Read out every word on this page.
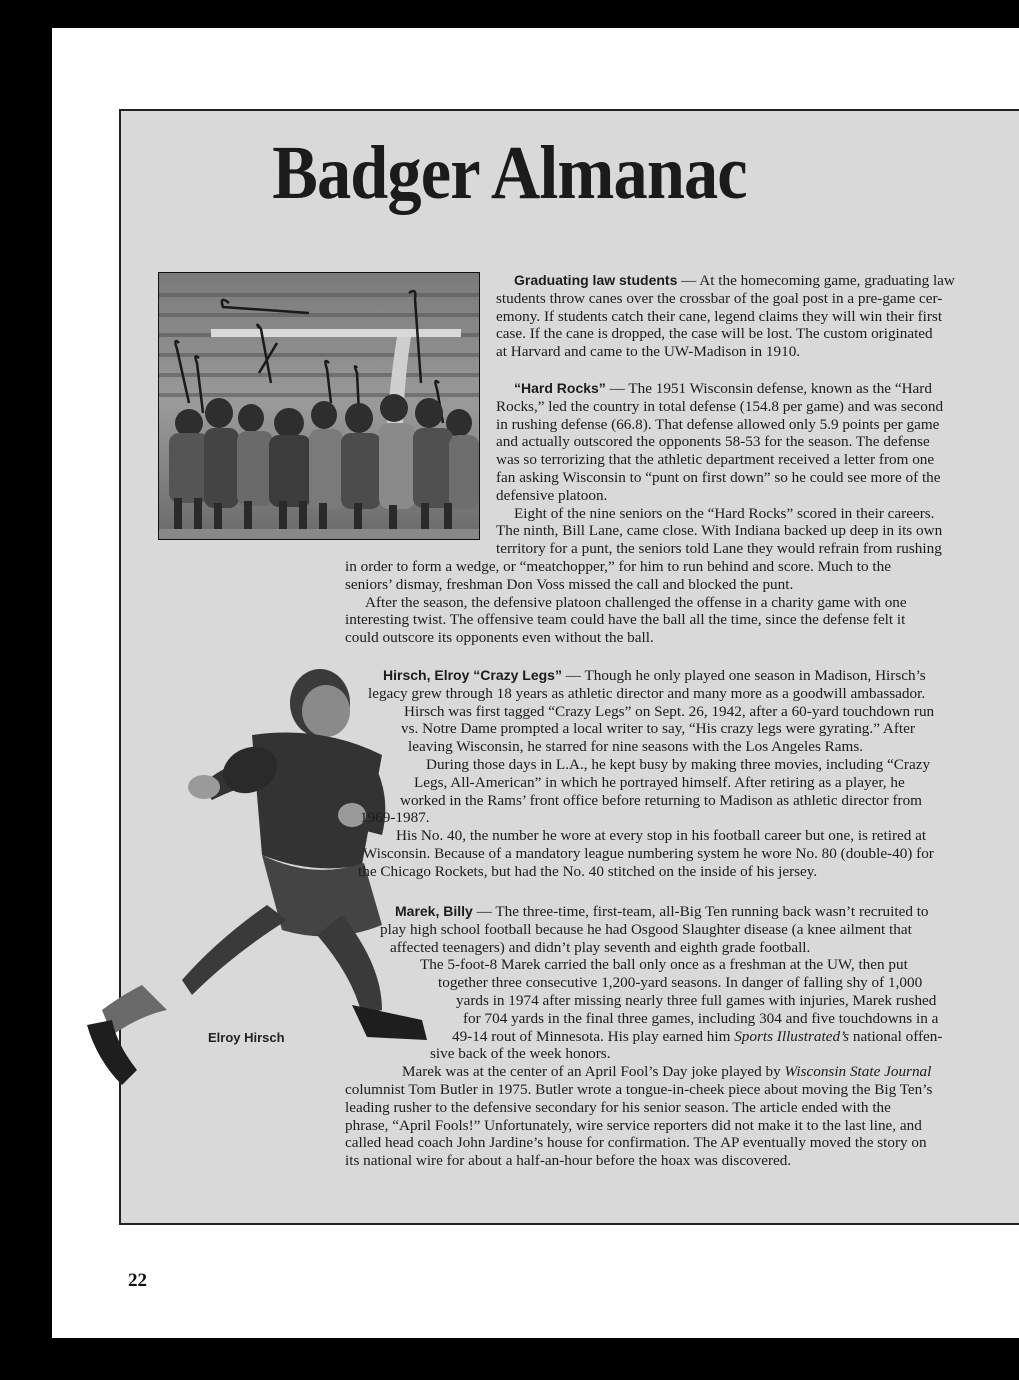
Badger Almanac

Graduating law students — At the homecoming game, graduating law
students throw canes over the crossbar of the goal post in a pre-game cer-
emony. If students catch their cane, legend claims they will win their first
case. If the cane is dropped, the case will be lost. The custom originated
at Harvard and came to the UW-Madison in 1910.

“Hard Rocks” — The 1951 Wisconsin defense, known as the “Hard
Rocks,” led the country in total defense (154.8 per game) and was second
in rushing defense (66.8). That defense allowed only 5.9 points per game
and actually outscored the opponents 58-53 for the season. The defense
was so terrorizing that the athletic department received a letter from one
fan asking Wisconsin to “punt on first down” so he could see more of the
defensive platoon.
Eight of the nine seniors on the “Hard Rocks” scored in their careers.
The ninth, Bill Lane, came close. With Indiana backed up deep in its own
territory for a punt, the seniors told Lane they would refrain from rushing

in order to form a wedge, or “meatchopper,” for him to run behind and score. Much to the
seniors’ dismay, freshman Don Voss missed the call and blocked the punt.
After the season, the defensive platoon challenged the offense in a charity game with one
interesting twist. The offensive team could have the ball all the time, since the defense felt it
could outscore its opponents even without the ball.

Elroy Hirsch

Hirsch, Elroy “Crazy Legs” — Though he only played one season in Madison, Hirsch’s
legacy grew through 18 years as athletic director and many more as a goodwill ambassador.
Hirsch was first tagged “Crazy Legs” on Sept. 26, 1942, after a 60-yard touchdown run
vs. Notre Dame prompted a local writer to say, “His crazy legs were gyrating.” After
leaving Wisconsin, he starred for nine seasons with the Los Angeles Rams.
During those days in L.A., he kept busy by making three movies, including “Crazy
Legs, All-American” in which he portrayed himself. After retiring as a player, he
worked in the Rams’ front office before returning to Madison as athletic director from
1969-1987.
His No. 40, the number he wore at every stop in his football career but one, is retired at
Wisconsin. Because of a mandatory league numbering system he wore No. 80 (double-40) for
the Chicago Rockets, but had the No. 40 stitched on the inside of his jersey.

Marek, Billy — The three-time, first-team, all-Big Ten running back wasn’t recruited to
play high school football because he had Osgood Slaughter disease (a knee ailment that
affected teenagers) and didn’t play seventh and eighth grade football.
The 5-foot-8 Marek carried the ball only once as a freshman at the UW, then put
together three consecutive 1,200-yard seasons. In danger of falling shy of 1,000
yards in 1974 after missing nearly three full games with injuries, Marek rushed
for 704 yards in the final three games, including 304 and five touchdowns in a
49-14 rout of Minnesota. His play earned him Sports Illustrated’s national offen-
sive back of the week honors.
Marek was at the center of an April Fool’s Day joke played by Wisconsin State Journal
columnist Tom Butler in 1975. Butler wrote a tongue-in-cheek piece about moving the Big Ten’s
leading rusher to the defensive secondary for his senior season. The article ended with the
phrase, “April Fools!” Unfortunately, wire service reporters did not make it to the last line, and
called head coach John Jardine’s house for confirmation. The AP eventually moved the story on
its national wire for about a half-an-hour before the hoax was discovered.

22
